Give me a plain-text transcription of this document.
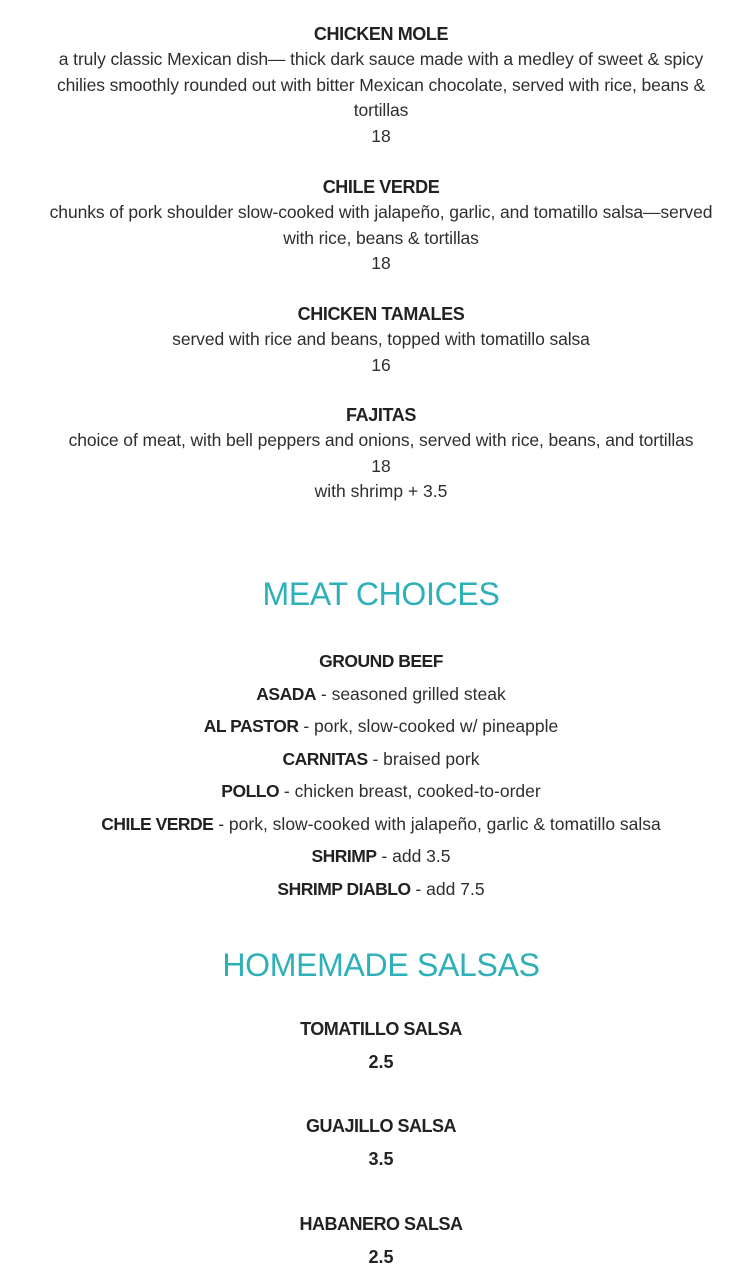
CHICKEN MOLE
a truly classic Mexican dish— thick dark sauce made with a medley of sweet & spicy chilies smoothly rounded out with bitter Mexican chocolate, served with rice, beans & tortillas
18
CHILE VERDE
chunks of pork shoulder slow-cooked with jalapeño, garlic, and tomatillo salsa—served with rice, beans & tortillas
18
CHICKEN TAMALES
served with rice and beans, topped with tomatillo salsa
16
FAJITAS
choice of meat, with bell peppers and onions, served with rice, beans, and tortillas
18
with shrimp + 3.5
MEAT CHOICES
GROUND BEEF
ASADA - seasoned grilled steak
AL PASTOR - pork, slow-cooked w/ pineapple
CARNITAS - braised pork
POLLO - chicken breast, cooked-to-order
CHILE VERDE - pork, slow-cooked with jalapeño, garlic & tomatillo salsa
SHRIMP - add 3.5
SHRIMP DIABLO - add 7.5
HOMEMADE SALSAS
TOMATILLO SALSA
2.5
GUAJILLO SALSA
3.5
HABANERO SALSA
2.5
